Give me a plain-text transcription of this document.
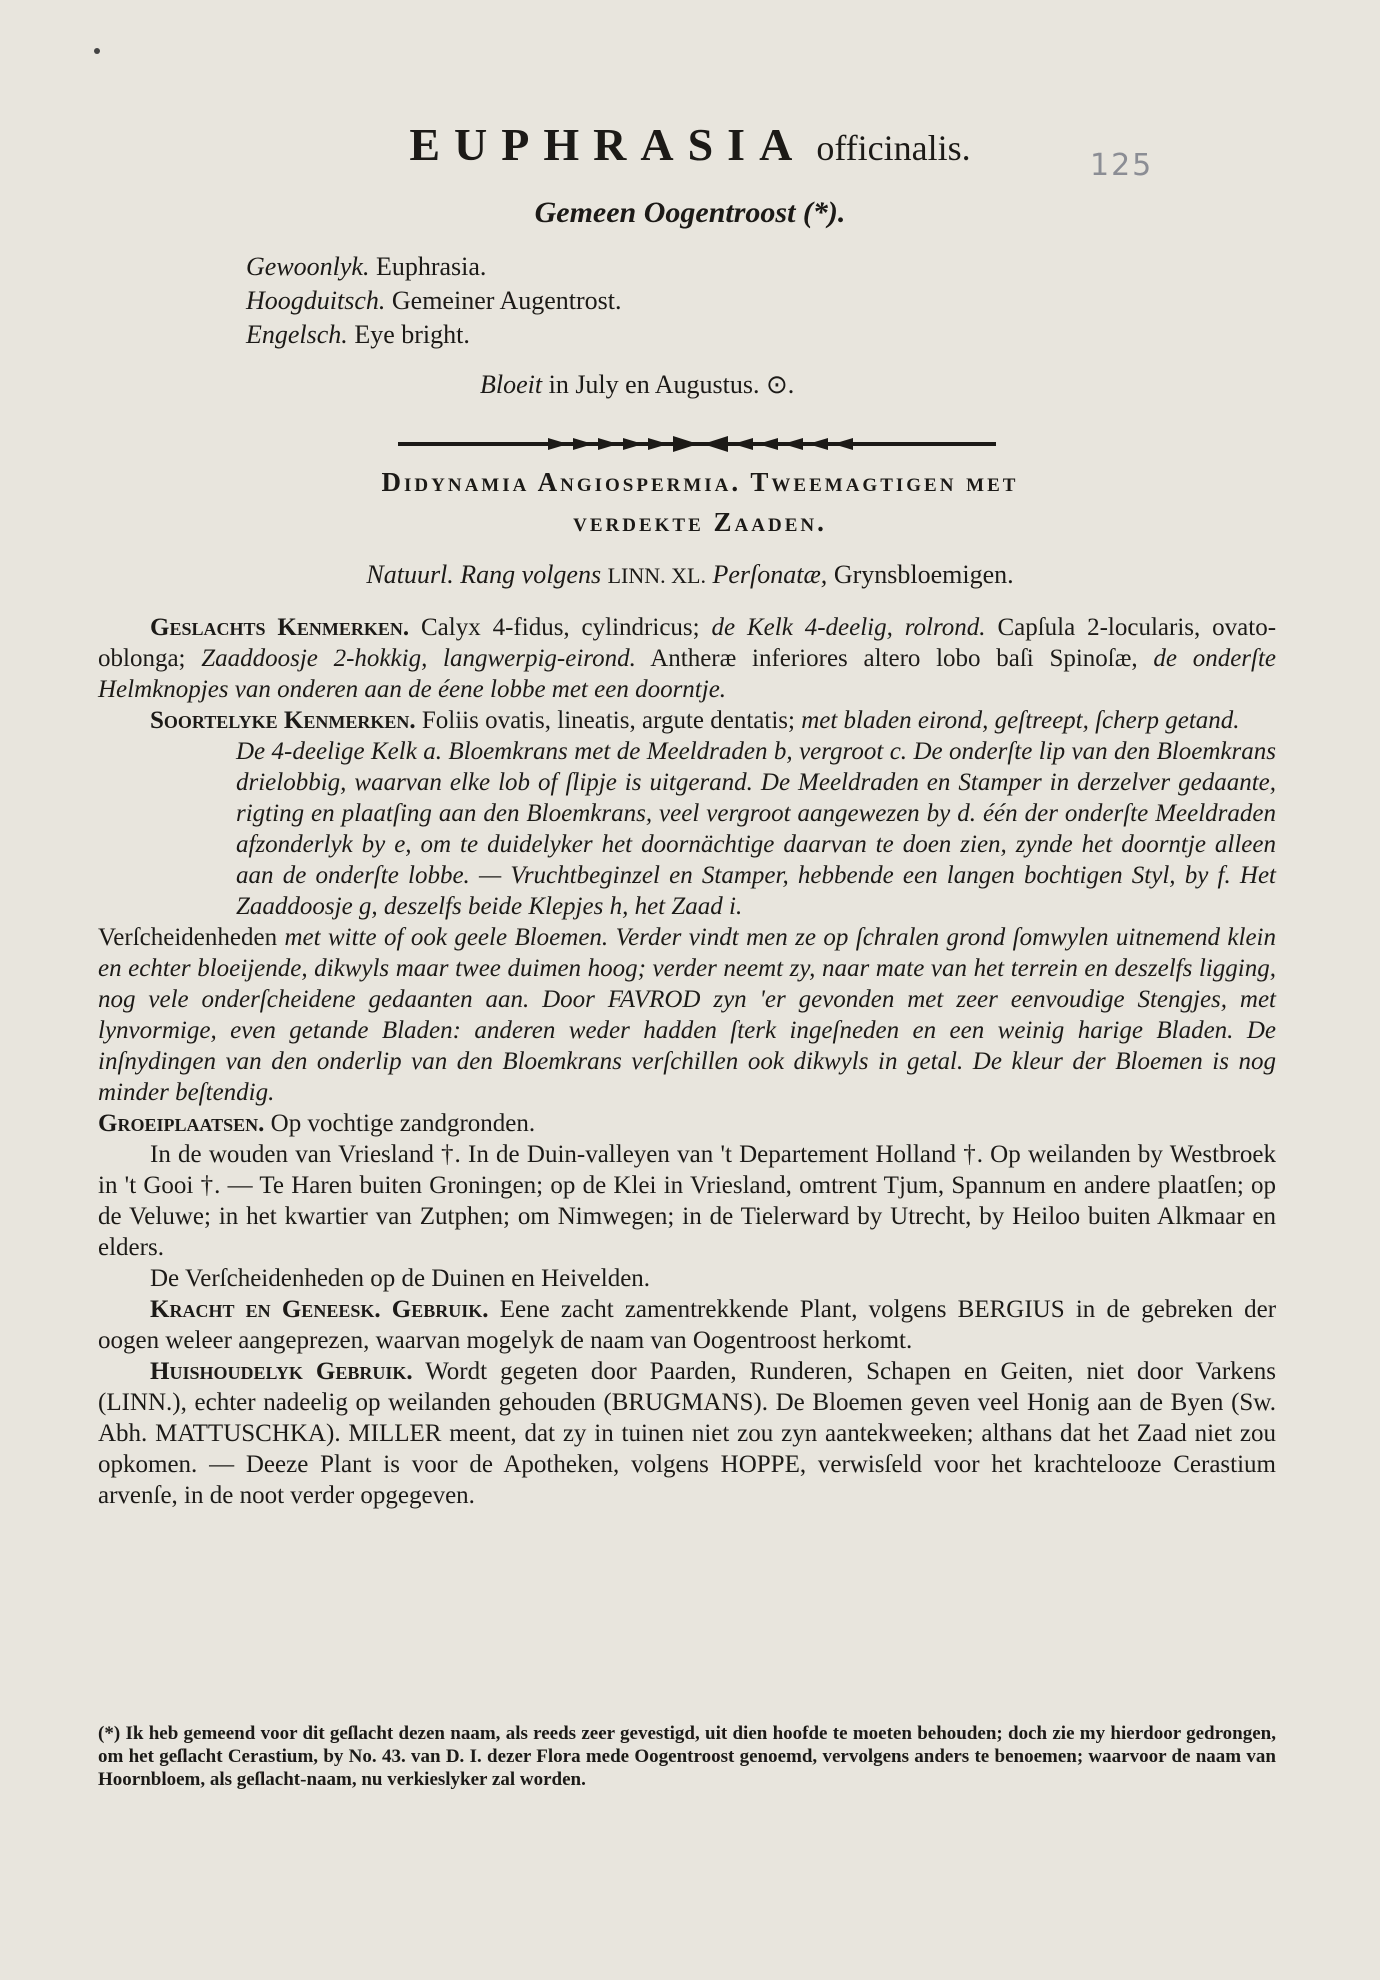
125
EUPHRASIA officinalis.
Gemeen Oogentroost (*).
Gewoonlyk. Euphrasia.
Hoogduitsch. Gemeiner Augentrost.
Engelsch. Eye bright.
Bloeit in July en Augustus. ⊙.
Didynamia Angiospermia. Tweemagtigen met
verdekte Zaaden.
Natuurl. Rang volgens LINN. XL. Perſonatæ, Grynsbloemigen.

Geslachts Kenmerken. Calyx 4-fidus, cylindricus; de Kelk 4-deelig, rolrond. Capſula 2-locularis, ovato-oblonga; Zaaddoosje 2-hokkig, langwerpig-eirond. Antheræ inferiores altero lobo baſi Spinoſæ, de onderſte Helmknopjes van onderen aan de éene lobbe met een doorntje.

Soortelyke Kenmerken. Foliis ovatis, lineatis, argute dentatis; met bladen eirond, geſtreept, ſcherp getand.

De 4-deelige Kelk a. Bloemkrans met de Meeldraden b, vergroot c. De onderſte lip van den Bloemkrans drielobbig, waarvan elke lob of ſlipje is uitgerand. De Meeldraden en Stamper in derzelver gedaante, rigting en plaatſing aan den Bloemkrans, veel vergroot aangewezen by d. één der onderſte Meeldraden afzonderlyk by e, om te duidelyker het doornächtige daarvan te doen zien, zynde het doorntje alleen aan de onderſte lobbe. — Vruchtbeginzel en Stamper, hebbende een langen bochtigen Styl, by f. Het Zaaddoosje g, deszelfs beide Klepjes h, het Zaad i.

Verſcheidenheden met witte of ook geele Bloemen. Verder vindt men ze op ſchralen grond ſomwylen uitnemend klein en echter bloeijende, dikwyls maar twee duimen hoog; verder neemt zy, naar mate van het terrein en deszelfs ligging, nog vele onderſcheidene gedaanten aan. Door FAVROD zyn 'er gevonden met zeer eenvoudige Stengjes, met lynvormige, even getande Bladen: anderen weder hadden ſterk ingeſneden en een weinig harige Bladen. De inſnydingen van den onderlip van den Bloemkrans verſchillen ook dikwyls in getal. De kleur der Bloemen is nog minder beſtendig.

Groeiplaatsen. Op vochtige zandgronden.

In de wouden van Vriesland †. In de Duin-valleyen van 't Departement Holland †. Op weilanden by Westbroek in 't Gooi †. — Te Haren buiten Groningen; op de Klei in Vriesland, omtrent Tjum, Spannum en andere plaatſen; op de Veluwe; in het kwartier van Zutphen; om Nimwegen; in de Tielerward by Utrecht, by Heiloo buiten Alkmaar en elders.

De Verſcheidenheden op de Duinen en Heivelden.

Kracht en Geneesk. Gebruik. Eene zacht zamentrekkende Plant, volgens BERGIUS in de gebreken der oogen weleer aangeprezen, waarvan mogelyk de naam van Oogentroost herkomt.

Huishoudelyk Gebruik. Wordt gegeten door Paarden, Runderen, Schapen en Geiten, niet door Varkens (LINN.), echter nadeelig op weilanden gehouden (BRUGMANS). De Bloemen geven veel Honig aan de Byen (Sw. Abh. MATTUSCHKA). MILLER meent, dat zy in tuinen niet zou zyn aantekweeken; althans dat het Zaad niet zou opkomen. — Deeze Plant is voor de Apotheken, volgens HOPPE, verwisſeld voor het krachtelooze Cerastium arvenſe, in de noot verder opgegeven.

(*) Ik heb gemeend voor dit geſlacht dezen naam, als reeds zeer gevestigd, uit dien hoofde te moeten behouden; doch zie my hierdoor gedrongen, om het geſlacht Cerastium, by No. 43. van D. I. dezer Flora mede Oogentroost genoemd, vervolgens anders te benoemen; waarvoor de naam van Hoornbloem, als geſlacht-naam, nu verkieslyker zal worden.
